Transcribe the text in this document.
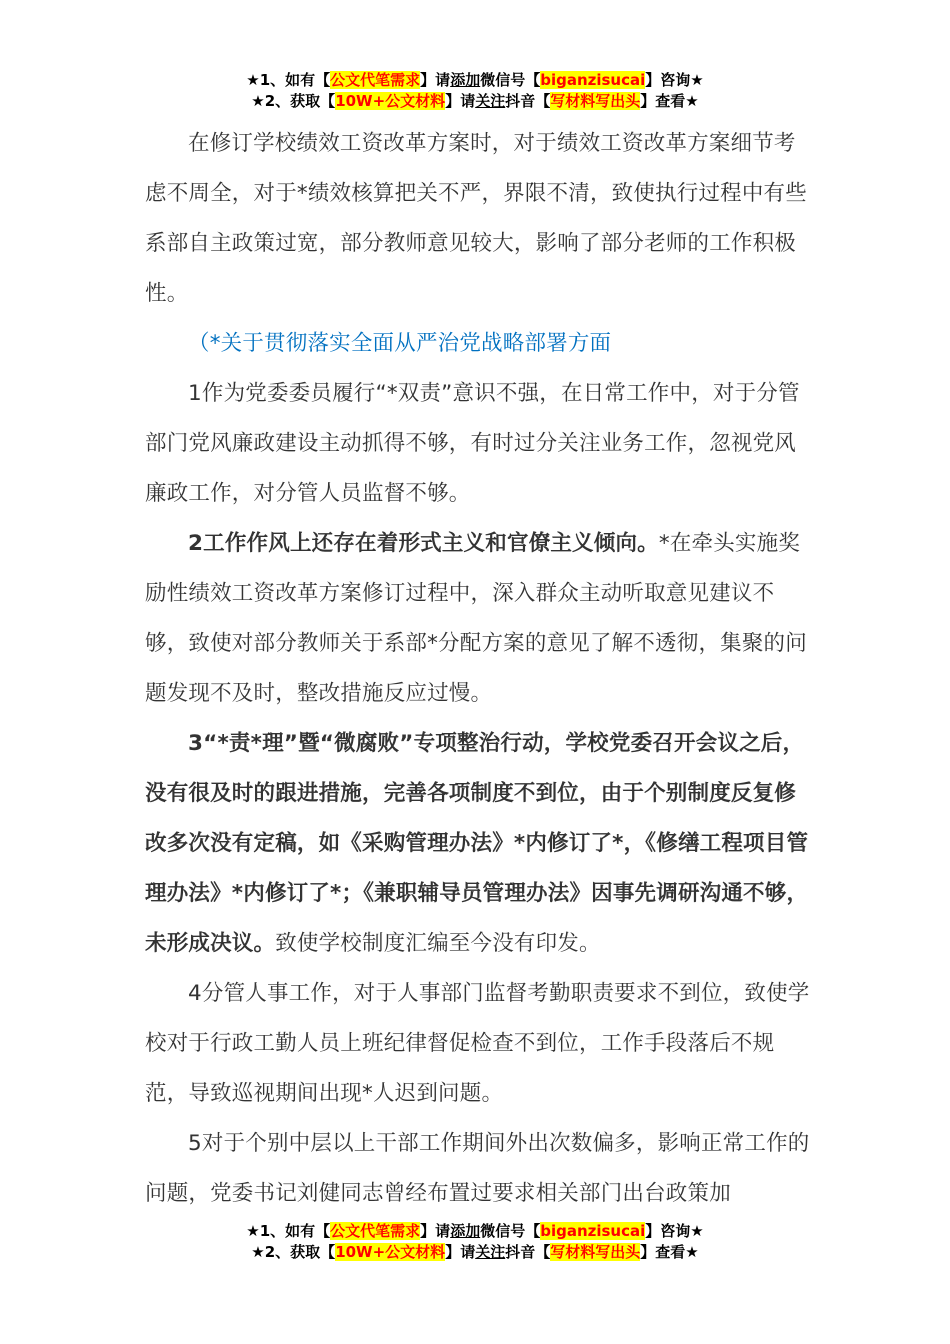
★1、如有【公文代笔需求】请添加微信号【biganzisucai】咨询★
★2、获取【10W+公文材料】请关注抖音【写材料写出头】查看★

在修订学校绩效工资改革方案时，对于绩效工资改革方案细节考虑不周全，对于*绩效核算把关不严，界限不清，致使执行过程中有些系部自主政策过宽，部分教师意见较大，影响了部分老师的工作积极性。

（*关于贯彻落实全面从严治党战略部署方面

1作为党委委员履行“*双责”意识不强，在日常工作中，对于分管部门党风廉政建设主动抓得不够，有时过分关注业务工作，忽视党风廉政工作，对分管人员监督不够。

2工作作风上还存在着形式主义和官僚主义倾向。*在牵头实施奖励性绩效工资改革方案修订过程中，深入群众主动听取意见建议不够，致使对部分教师关于系部*分配方案的意见了解不透彻，集聚的问题发现不及时，整改措施反应过慢。

3“*责*理”暨“微腐败”专项整治行动，学校党委召开会议之后，没有很及时的跟进措施，完善各项制度不到位，由于个别制度反复修改多次没有定稿，如《采购管理办法》*内修订了*，《修缮工程项目管理办法》*内修订了*；《兼职辅导员管理办法》因事先调研沟通不够，未形成决议。致使学校制度汇编至今没有印发。

4分管人事工作，对于人事部门监督考勤职责要求不到位，致使学校对于行政工勤人员上班纪律督促检查不到位，工作手段落后不规范，导致巡视期间出现*人迟到问题。

5对于个别中层以上干部工作期间外出次数偏多，影响正常工作的问题，党委书记刘健同志曾经布置过要求相关部门出台政策加

★1、如有【公文代笔需求】请添加微信号【biganzisucai】咨询★
★2、获取【10W+公文材料】请关注抖音【写材料写出头】查看★
